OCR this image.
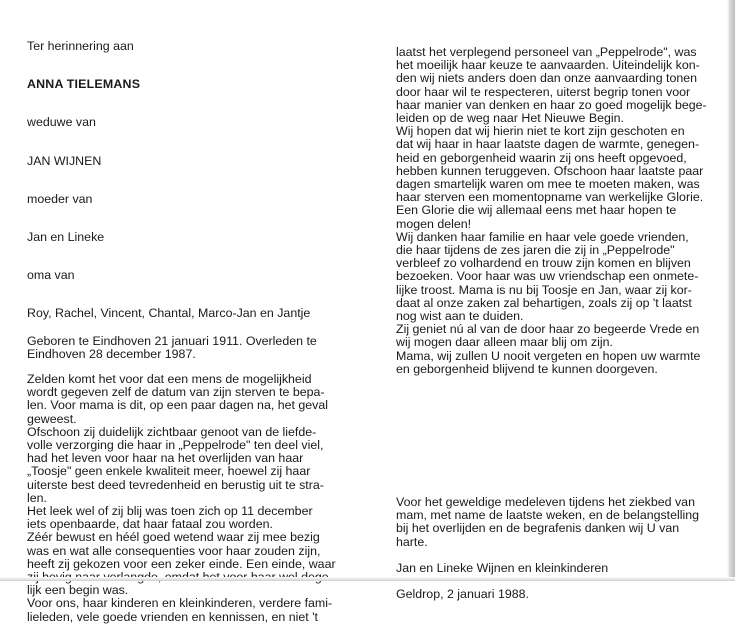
Ter herinnering aan

ANNA TIELEMANS

weduwe van

JAN WIJNEN

moeder van

Jan en Lineke

oma van

Roy, Rachel, Vincent, Chantal, Marco-Jan en Jantje

Geboren te Eindhoven 21 januari 1911. Overleden te

Eindhoven 28 december 1987.

Zelden komt het voor dat een mens de mogelijkheid

wordt gegeven zelf de datum van zijn sterven te bepa-

len. Voor mama is dit, op een paar dagen na, het geval

geweest.

Ofschoon zij duidelijk zichtbaar genoot van de liefde-

volle verzorging die haar in „Peppelrode" ten deel viel,

had het leven voor haar na het overlijden van haar

„Toosje" geen enkele kwaliteit meer, hoewel zij haar

uiterste best deed tevredenheid en berustig uit te stra-

len.

Het leek wel of zij blij was toen zich op 11 december

iets openbaarde, dat haar fataal zou worden.

Zéér bewust en héél goed wetend waar zij mee bezig

was en wat alle consequenties voor haar zouden zijn,

heeft zij gekozen voor een zeker einde. Een einde, waar

lijk een begin was.

Voor ons, haar kinderen en kleinkinderen, verdere fami-

lieleden, vele goede vrienden en kennissen, en niet 't

laatst het verplegend personeel van „Peppelrode", was

het moeilijk haar keuze te aanvaarden. Uiteindelijk kon-

den wij niets anders doen dan onze aanvaarding tonen

door haar wil te respecteren, uiterst begrip tonen voor

haar manier van denken en haar zo goed mogelijk bege-

leiden op de weg naar Het Nieuwe Begin.

Wij hopen dat wij hierin niet te kort zijn geschoten en

dat wij haar in haar laatste dagen de warmte, genegen-

heid en geborgenheid waarin zij ons heeft opgevoed,

hebben kunnen teruggeven. Ofschoon haar laatste paar

dagen smartelijk waren om mee te moeten maken, was

haar sterven een momentopname van werkelijke Glorie.

Een Glorie die wij allemaal eens met haar hopen te

mogen delen!

Wij danken haar familie en haar vele goede vrienden,

die haar tijdens de zes jaren die zij in „Peppelrode"

verbleef zo volhardend en trouw zijn komen en blijven

bezoeken. Voor haar was uw vriendschap een onmete-

lijke troost. Mama is nu bij Toosje en Jan, waar zij kor-

daat al onze zaken zal behartigen, zoals zij op 't laatst

nog wist aan te duiden.

Zij geniet nú al van de door haar zo begeerde Vrede en

wij mogen daar alleen maar blij om zijn.

Mama, wij zullen U nooit vergeten en hopen uw warmte

en geborgenheid blijvend te kunnen doorgeven.

Voor het geweldige medeleven tijdens het ziekbed van

mam, met name de laatste weken, en de belangstelling

bij het overlijden en de begrafenis danken wij U van

harte.

Jan en Lineke Wijnen en kleinkinderen

Geldrop, 2 januari 1988.
